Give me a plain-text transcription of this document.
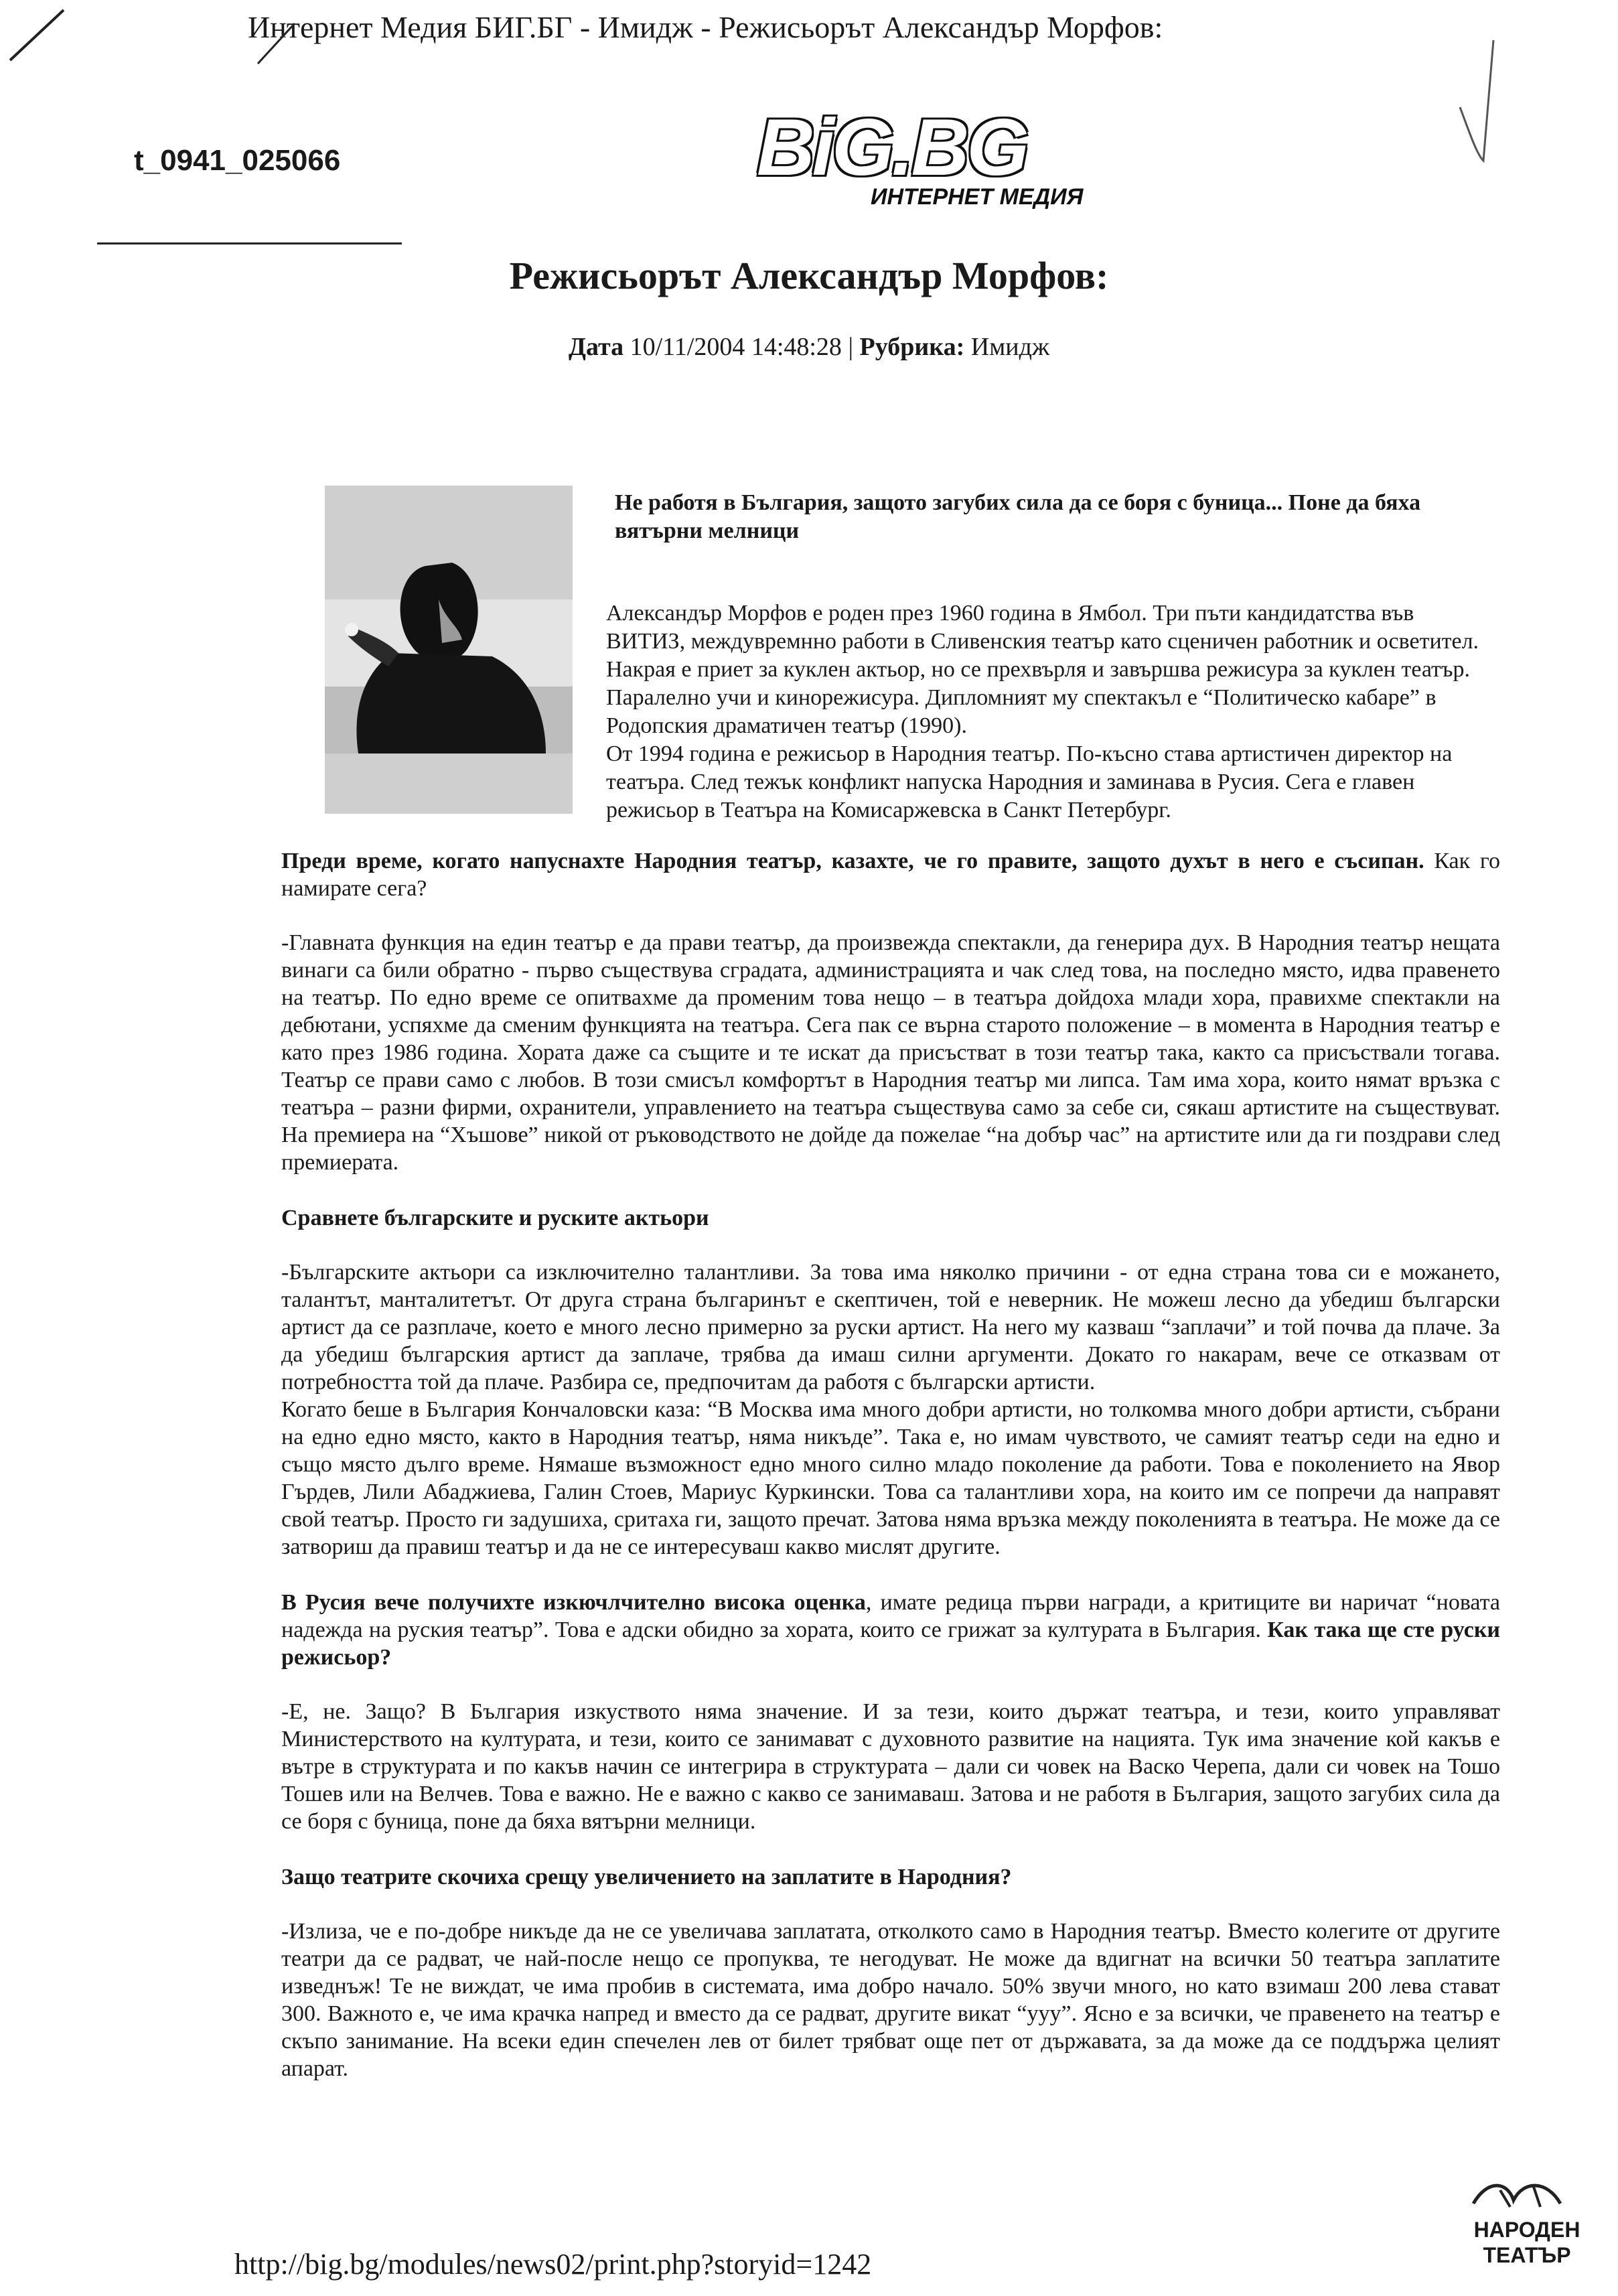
Интернет Медия БИГ.БГ - Имидж - Режисьорът Александър Морфов:
t_0941_025066	BiG.BG
ИНТЕРНЕТ МЕДИЯ
Режисьорът Александър Морфов:
Дата 10/11/2004 14:48:28 | Рубрика: Имидж
Не работя в България, защото загубих сила да се боря с буница... Поне да бяха вятърни мелници
Александър Морфов е роден през 1960 година в Ямбол. Три пъти кандидатства във ВИТИЗ, междувремнно работи в Сливенския театър като сценичен работник и осветител. Накрая е приет за куклен актьор, но се прехвърля и завършва режисура за куклен театър. Паралелно учи и кинорежисура. Дипломният му спектакъл е “Политическо кабаре” в Родопския драматичен театър (1990).
От 1994 година е режисьор в Народния театър. По-късно става артистичен директор на театъра. След тежък конфликт напуска Народния и заминава в Русия. Сега е главен режисьор в Театъра на Комисаржевска в Санкт Петербург.

Преди време, когато напуснахте Народния театър, казахте, че го правите, защото духът в него е съсипан. Как го намирате сега?

-Главната функция на един театър е да прави театър, да произвежда спектакли, да генерира дух. В Народния театър нещата винаги са били обратно - първо съществува сградата, администрацията и чак след това, на последно място, идва правенето на театър. По едно време се опитвахме да променим това нещо – в театъра дойдоха млади хора, правихме спектакли на дебютани, успяхме да сменим функцията на театъра. Сега пак се върна старото положение – в момента в Народния театър е като през 1986 година. Хората даже са същите и те искат да присъстват в този театър така, както са присъствали тогава. Театър се прави само с любов. В този смисъл комфортът в Народния театър ми липса. Там има хора, които нямат връзка с театъра – разни фирми, охранители, управлението на театъра съществува само за себе си, сякаш артистите на съществуват. На премиера на “Хъшове” никой от ръководството не дойде да пожелае “на добър час” на артистите или да ги поздрави след премиерата.

Сравнете българските и руските актьори

-Българските актьори са изключително талантливи. За това има няколко причини - от една страна това си е можането, талантът, манталитетът. От друга страна българинът е скептичен, той е неверник. Не можеш лесно да убедиш български артист да се разплаче, което е много лесно примерно за руски артист. На него му казваш “заплачи” и той почва да плаче. За да убедиш българския артист да заплаче, трябва да имаш силни аргументи. Докато го накарам, вече се отказвам от потребността той да плаче. Разбира се, предпочитам да работя с български артисти.
Когато беше в България Кончаловски каза: “В Москва има много добри артисти, но толкомва много добри артисти, събрани на едно едно място, както в Народния театър, няма никъде”. Така е, но имам чувството, че самият театър седи на едно и също място дълго време. Нямаше възможност едно много силно младо поколение да работи. Това е поколението на Явор Гърдев, Лили Абаджиева, Галин Стоев, Мариус Куркински. Това са талантливи хора, на които им се попречи да направят свой театър. Просто ги задушиха, сритаха ги, защото пречат. Затова няма връзка между поколенията в театъра. Не може да се затвориш да правиш театър и да не се интересуваш какво мислят другите.

В Русия вече получихте изкючлчително висока оценка, имате редица първи награди, а критиците ви наричат “новата надежда на руския театър”. Това е адски обидно за хората, които се грижат за културата в България. Как така ще сте руски режисьор?

-Е, не. Защо? В България изкуството няма значение. И за тези, които държат театъра, и тези, които управляват Министерството на културата, и тези, които се занимават с духовното развитие на нацията. Тук има значение кой какъв е вътре в структурата и по какъв начин се интегрира в структурата – дали си човек на Васко Черепа, дали си човек на Тошо Тошев или на Велчев. Това е важно. Не е важно с какво се занимаваш. Затова и не работя в България, защото загубих сила да се боря с буница, поне да бяха вятърни мелници.

Защо театрите скочиха срещу увеличението на заплатите в Народния?

-Излиза, че е по-добре никъде да не се увеличава заплатата, отколкото само в Народния театър. Вместо колегите от другите театри да се радват, че най-после нещо се пропуква, те негодуват. Не може да вдигнат на всички 50 театъра заплатите изведнъж! Те не виждат, че има пробив в системата, има добро начало. 50% звучи много, но като взимаш 200 лева стават 300. Важното е, че има крачка напред и вместо да се радват, другите викат “ууу”. Ясно е за всички, че правенето на театър е скъпо занимание. На всеки един спечелен лев от билет трябват още пет от държавата, за да може да се поддържа целият апарат.

http://big.bg/modules/news02/print.php?storyid=1242
НАРОДЕН
ТЕАТЪР
